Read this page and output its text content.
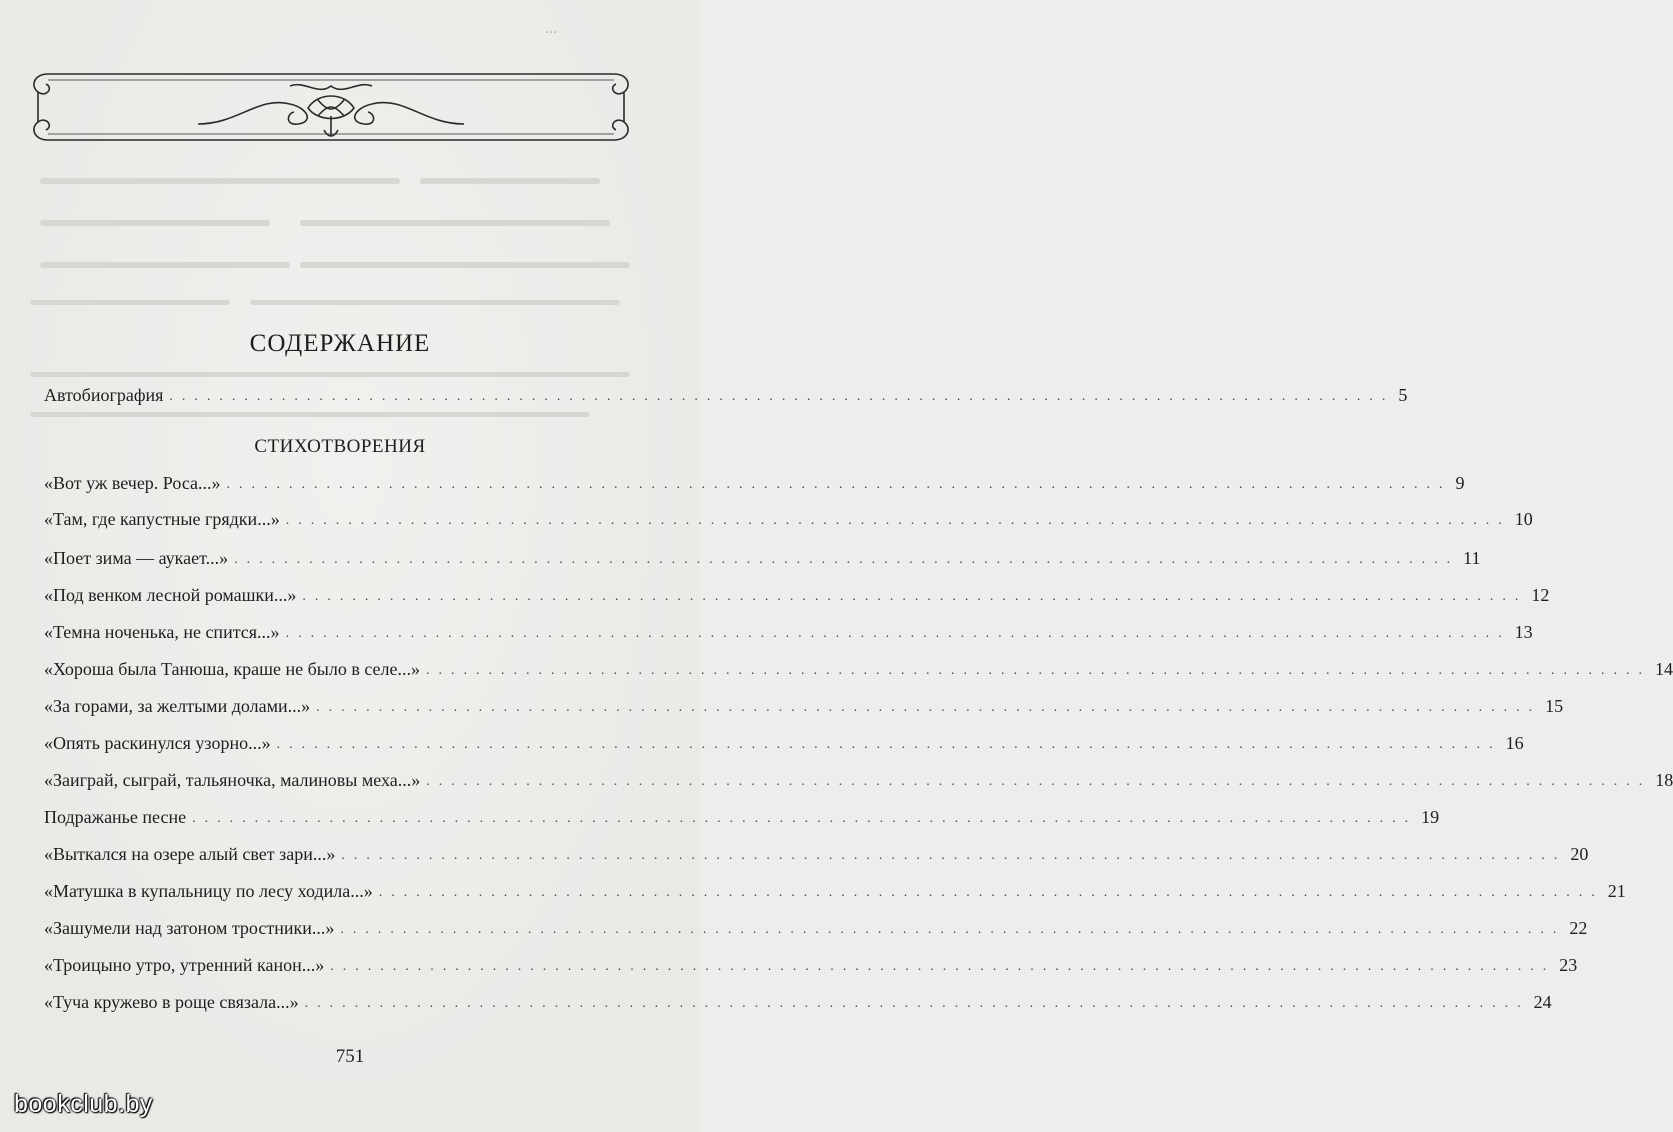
...
СОДЕРЖАНИЕ
Автобиография .................................................................................................. 5
СТИХОТВОРЕНИЯ
«Вот уж вечер. Роса...» .................................................................................................. 9
«Там, где капустные грядки...» .................................................................................................. 10
«Поет зима — аукает...» .................................................................................................. 11
«Под венком лесной ромашки...» .................................................................................................. 12
«Темна ноченька, не спится...» .................................................................................................. 13
«Хороша была Танюша, краше не было в селе...» .................................................................................................. 14
«За горами, за желтыми долами...» .................................................................................................. 15
«Опять раскинулся узорно...» .................................................................................................. 16
«Заиграй, сыграй, тальяночка, малиновы меха...» .................................................................................................. 18
Подражанье песне .................................................................................................. 19
«Выткался на озере алый свет зари...» .................................................................................................. 20
«Матушка в купальницу по лесу ходила...» .................................................................................................. 21
«Зашумели над затоном тростники...» .................................................................................................. 22
«Троицыно утро, утренний канон...» .................................................................................................. 23
«Туча кружево в роще связала...» .................................................................................................. 24
751
bookclub.by
